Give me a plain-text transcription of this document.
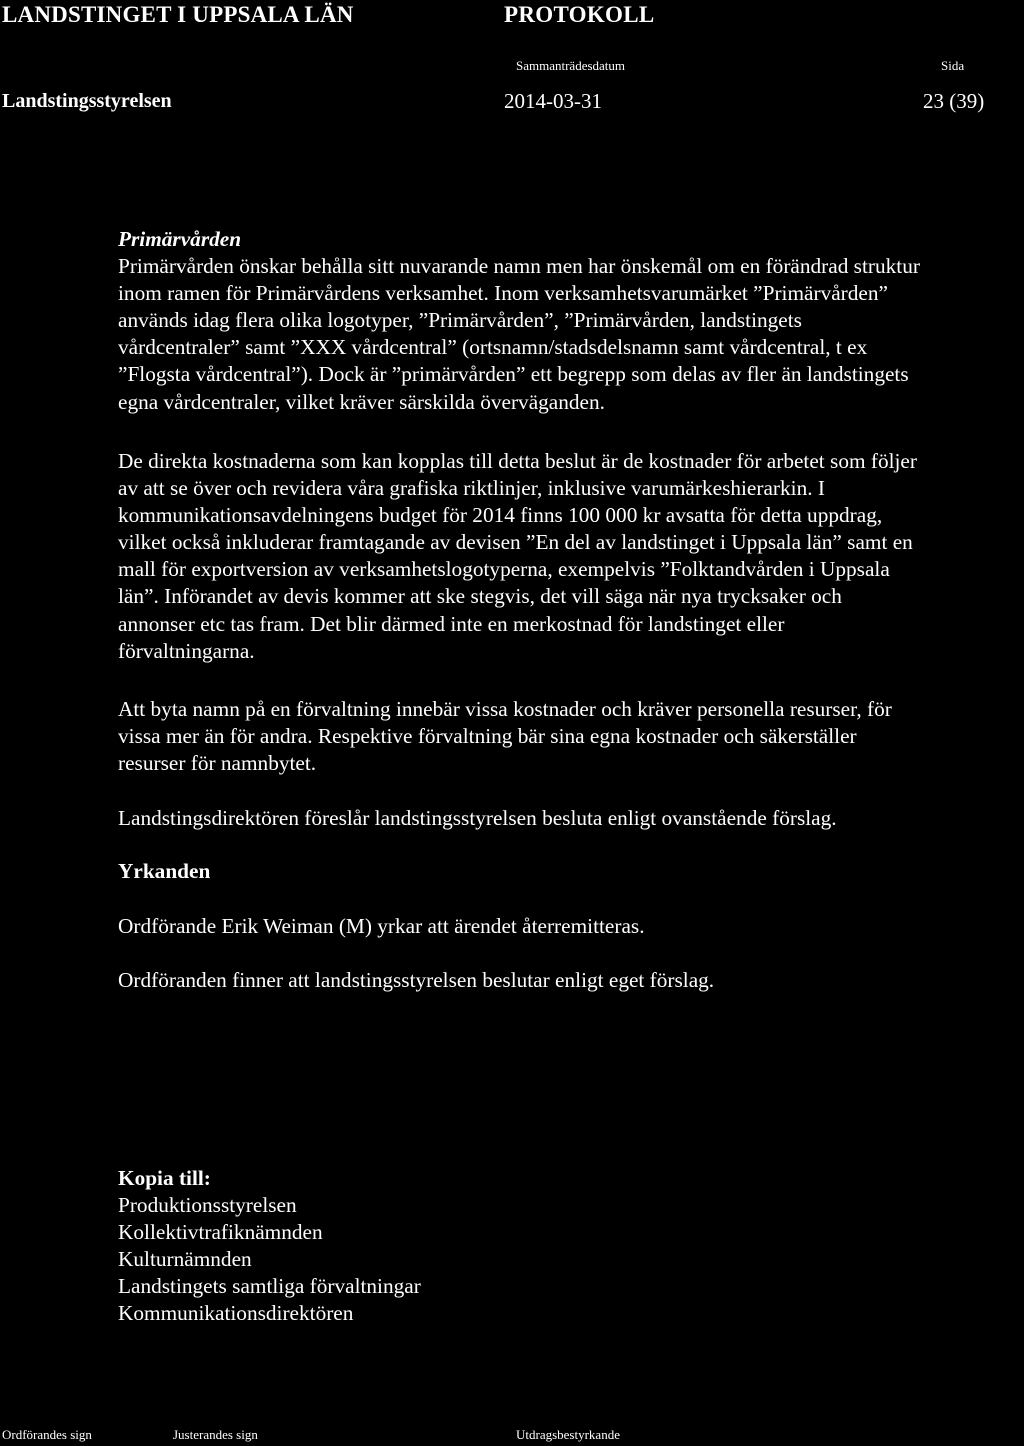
LANDSTINGET I UPPSALA LÄN	PROTOKOLL
Sammanträdesdatum	Sida
Landstingsstyrelsen	2014-03-31	23 (39)
Primärvården
Primärvården önskar behålla sitt nuvarande namn men har önskemål om en förändrad struktur
inom ramen för Primärvårdens verksamhet. Inom verksamhetsvarumärket ”Primärvården”
används idag flera olika logotyper, ”Primärvården”, ”Primärvården, landstingets
vårdcentraler” samt ”XXX vårdcentral” (ortsnamn/stadsdelsnamn samt vårdcentral, t ex
”Flogsta vårdcentral”). Dock är ”primärvården” ett begrepp som delas av fler än landstingets
egna vårdcentraler, vilket kräver särskilda överväganden.
De direkta kostnaderna som kan kopplas till detta beslut är de kostnader för arbetet som följer
av att se över och revidera våra grafiska riktlinjer, inklusive varumärkeshierarkin. I
kommunikationsavdelningens budget för 2014 finns 100 000 kr avsatta för detta uppdrag,
vilket också inkluderar framtagande av devisen ”En del av landstinget i Uppsala län” samt en
mall för exportversion av verksamhetslogotyperna, exempelvis ”Folktandvården i Uppsala
län”. Införandet av devis kommer att ske stegvis, det vill säga när nya trycksaker och
annonser etc tas fram. Det blir därmed inte en merkostnad för landstinget eller
förvaltningarna.
Att byta namn på en förvaltning innebär vissa kostnader och kräver personella resurser, för
vissa mer än för andra. Respektive förvaltning bär sina egna kostnader och säkerställer
resurser för namnbytet.
Landstingsdirektören föreslår landstingsstyrelsen besluta enligt ovanstående förslag.
Yrkanden
Ordförande Erik Weiman (M) yrkar att ärendet återremitteras.
Ordföranden finner att landstingsstyrelsen beslutar enligt eget förslag.
Kopia till:
Produktionsstyrelsen
Kollektivtrafiknämnden
Kulturnämnden
Landstingets samtliga förvaltningar
Kommunikationsdirektören
Ordförandes sign	Justerandes sign	Utdragsbestyrkande
